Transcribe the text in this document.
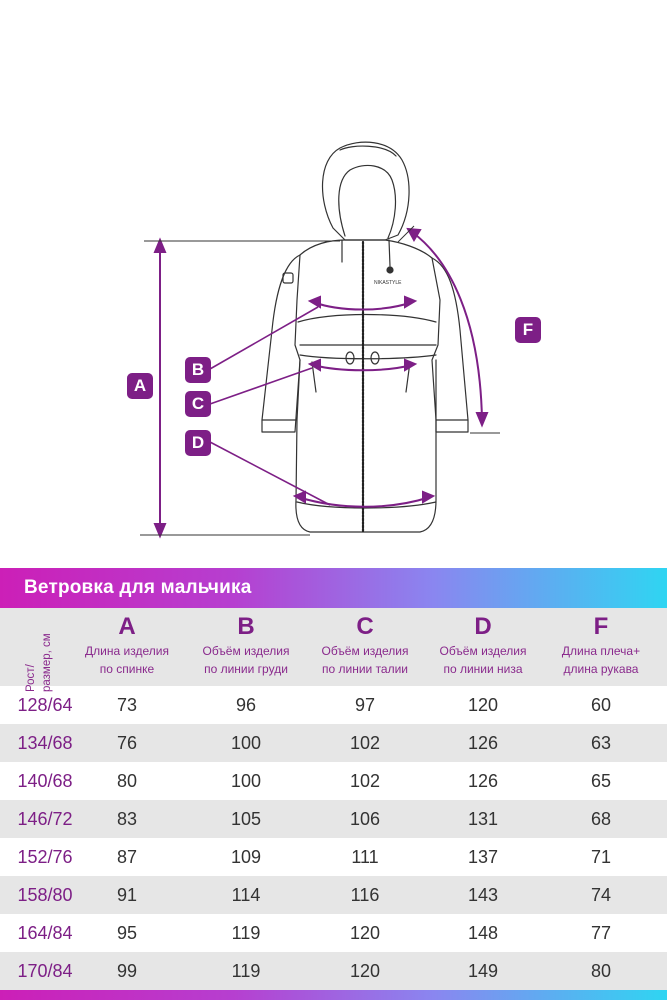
NIKASTYLE
A
B
C
D
F
Ветровка для мальчика
Рост/ размер, см
A
Длина изделия
по спинке
B
Объём изделия
по линии груди
C
Объём изделия
по линии талии
D
Объём изделия
по линии низа
F
Длина плеча+
длина рукава
128/64	73	96	97	120	60
134/68	76	100	102	126	63
140/68	80	100	102	126	65
146/72	83	105	106	131	68
152/76	87	109	111	137	71
158/80	91	114	116	143	74
164/84	95	119	120	148	77
170/84	99	119	120	149	80
